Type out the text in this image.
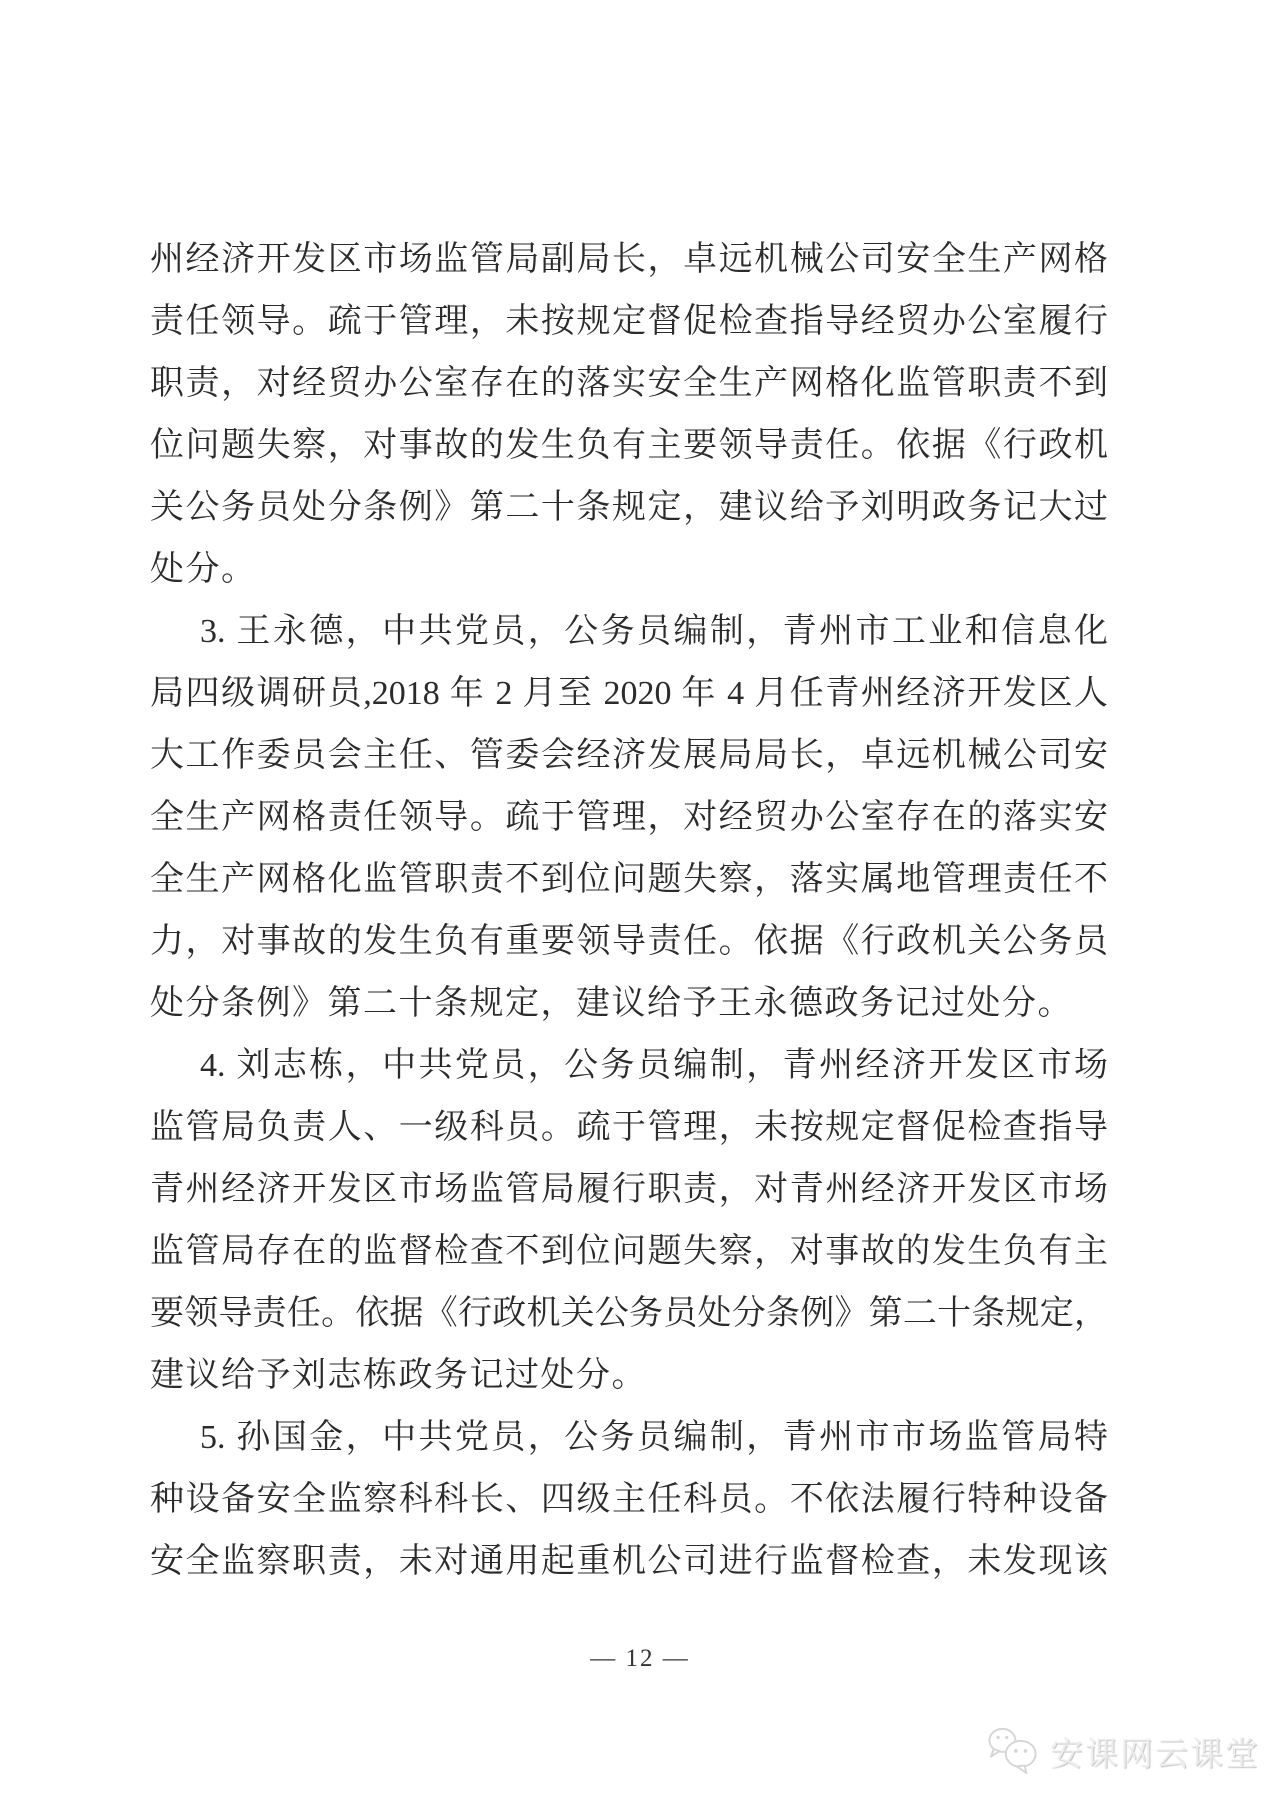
州经济开发区市场监管局副局长，卓远机械公司安全生产网格
责任领导。疏于管理，未按规定督促检查指导经贸办公室履行
职责，对经贸办公室存在的落实安全生产网格化监管职责不到
位问题失察，对事故的发生负有主要领导责任。依据《行政机
关公务员处分条例》第二十条规定，建议给予刘明政务记大过
处分。
3. 王永德，中共党员，公务员编制，青州市工业和信息化
局四级调研员,2018 年 2 月至 2020 年 4 月任青州经济开发区人
大工作委员会主任、管委会经济发展局局长，卓远机械公司安
全生产网格责任领导。疏于管理，对经贸办公室存在的落实安
全生产网格化监管职责不到位问题失察，落实属地管理责任不
力，对事故的发生负有重要领导责任。依据《行政机关公务员
处分条例》第二十条规定，建议给予王永德政务记过处分。
4. 刘志栋，中共党员，公务员编制，青州经济开发区市场
监管局负责人、一级科员。疏于管理，未按规定督促检查指导
青州经济开发区市场监管局履行职责，对青州经济开发区市场
监管局存在的监督检查不到位问题失察，对事故的发生负有主
要领导责任。依据《行政机关公务员处分条例》第二十条规定，
建议给予刘志栋政务记过处分。
5. 孙国金，中共党员，公务员编制，青州市市场监管局特
种设备安全监察科科长、四级主任科员。不依法履行特种设备
安全监察职责，未对通用起重机公司进行监督检查，未发现该
— 12 —
安课网云课堂
